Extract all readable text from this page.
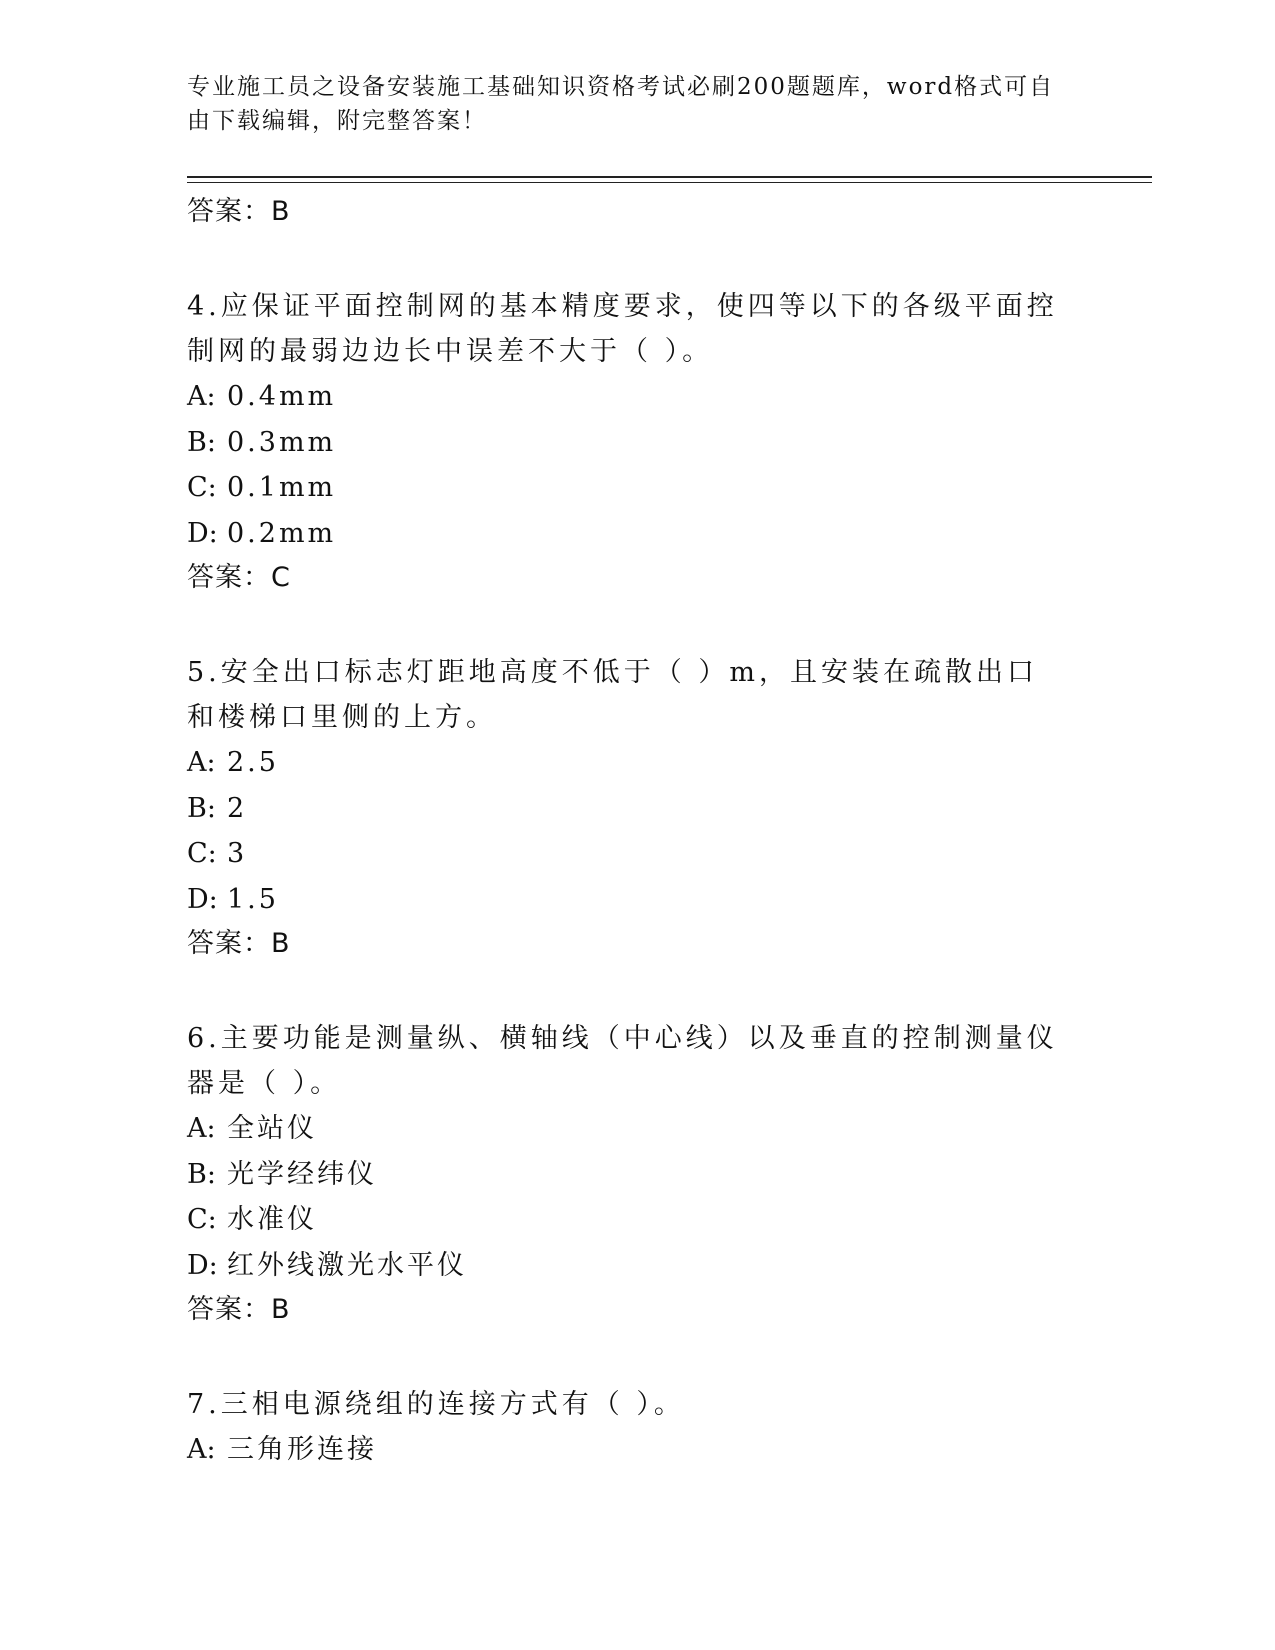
专业施工员之设备安装施工基础知识资格考试必刷200题题库，word格式可自由下载编辑，附完整答案！
答案：B
4.应保证平面控制网的基本精度要求，使四等以下的各级平面控制网的最弱边边长中误差不大于（ ）。
A: 0.4mm
B: 0.3mm
C: 0.1mm
D: 0.2mm
答案：C
5.安全出口标志灯距地高度不低于（ ）m，且安装在疏散出口和楼梯口里侧的上方。
A: 2.5
B: 2
C: 3
D: 1.5
答案：B
6.主要功能是测量纵、横轴线（中心线）以及垂直的控制测量仪器是（ ）。
A: 全站仪
B: 光学经纬仪
C: 水准仪
D: 红外线激光水平仪
答案：B
7.三相电源绕组的连接方式有（ ）。
A: 三角形连接
